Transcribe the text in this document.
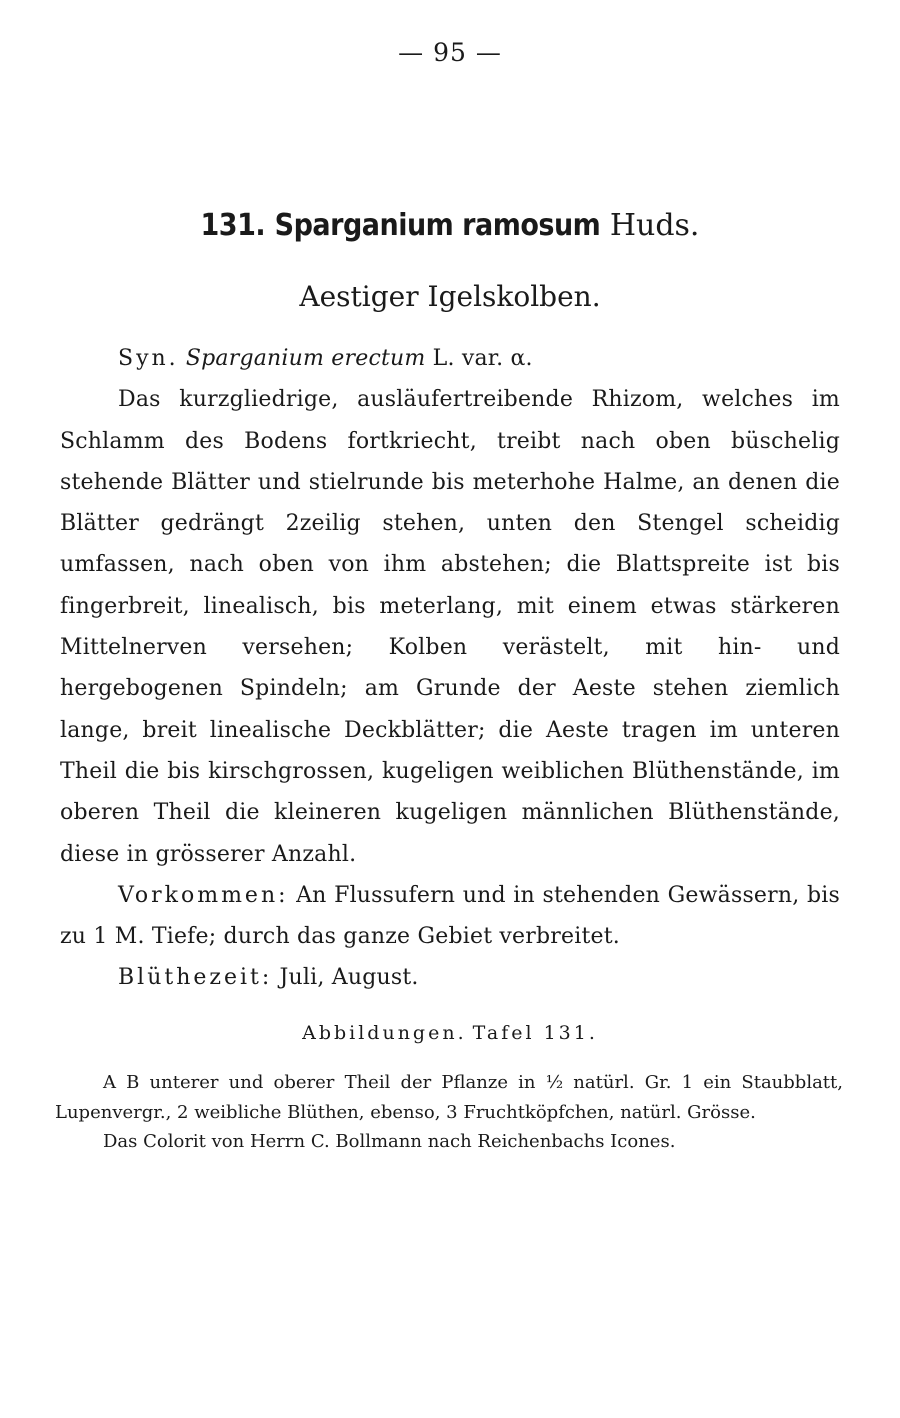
— 95 —
131. Sparganium ramosum Huds.
Aestiger Igelskolben.

Syn. Sparganium erectum L. var. α.

Das kurzgliedrige, ausläufertreibende Rhizom, welches im Schlamm des Bodens fortkriecht, treibt nach oben büschelig stehende Blätter und stielrunde bis meterhohe Halme, an denen die Blätter gedrängt 2zeilig stehen, unten den Stengel scheidig umfassen, nach oben von ihm abstehen; die Blattspreite ist bis fingerbreit, linealisch, bis meterlang, mit einem etwas stärkeren Mittelnerven versehen; Kolben verästelt, mit hin- und hergebogenen Spindeln; am Grunde der Aeste stehen ziemlich lange, breit linealische Deckblätter; die Aeste tragen im unteren Theil die bis kirschgrossen, kugeligen weiblichen Blüthenstände, im oberen Theil die kleineren kugeligen männlichen Blüthenstände, diese in grösserer Anzahl.

Vorkommen: An Flussufern und in stehenden Gewässern, bis zu 1 M. Tiefe; durch das ganze Gebiet verbreitet.

Blüthezeit: Juli, August.

Abbildungen. Tafel 131.

A B unterer und oberer Theil der Pflanze in ½ natürl. Gr. 1 ein Staubblatt, Lupenvergr., 2 weibliche Blüthen, ebenso, 3 Fruchtköpfchen, natürl. Grösse.

Das Colorit von Herrn C. Bollmann nach Reichenbachs Icones.
